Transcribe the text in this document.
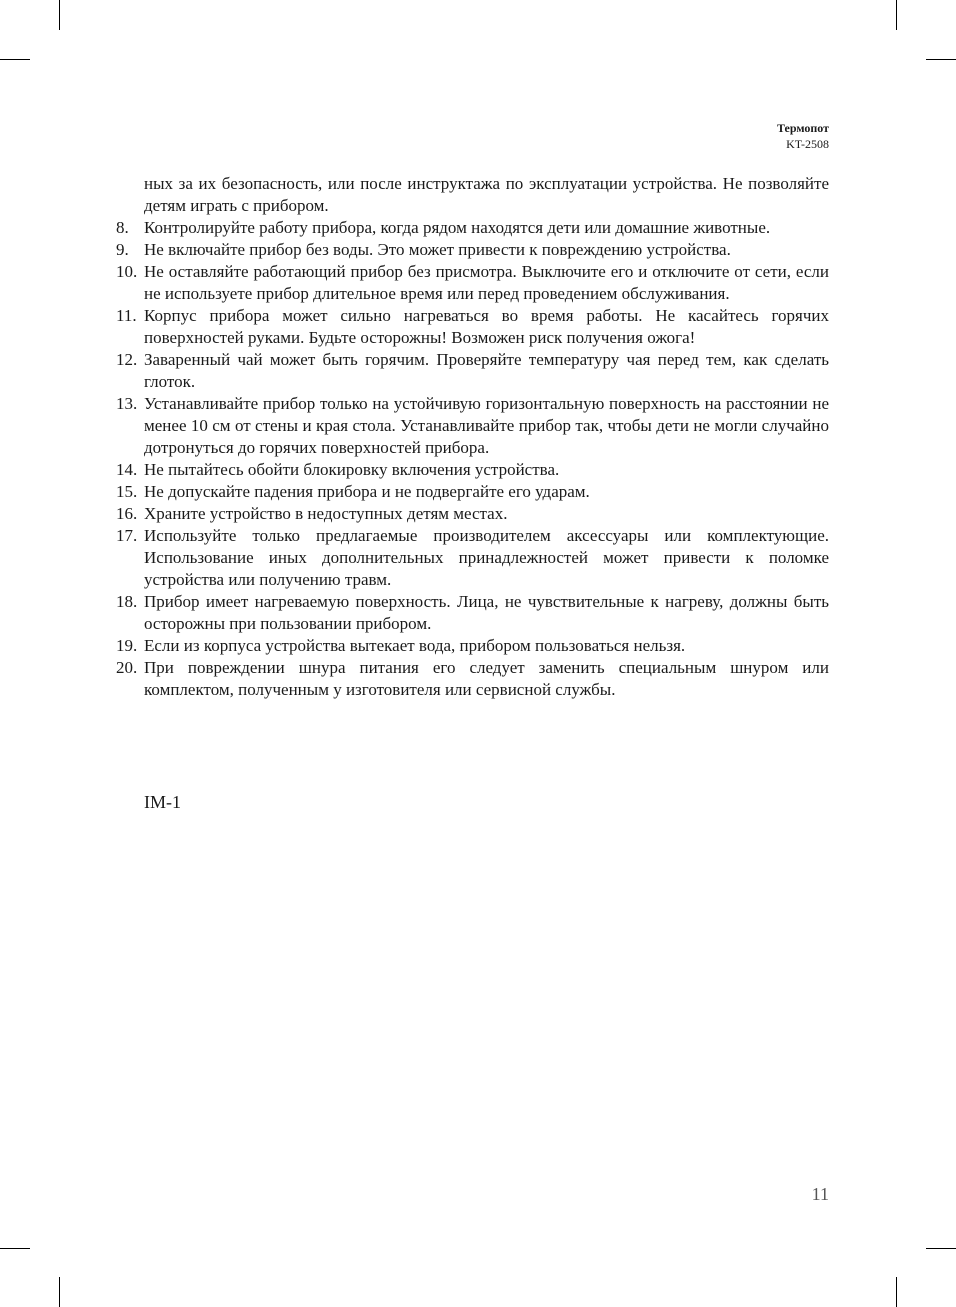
Термопот
KT-2508

ных за их безопасность, или после инструктажа по эксплуатации устройства. Не позволяйте детям играть с прибором.

8. Контролируйте работу прибора, когда рядом находятся дети или домашние животные.
9. Не включайте прибор без воды. Это может привести к повреждению устройства.
10. Не оставляйте работающий прибор без присмотра. Выключите его и отключите от сети, если не используете прибор длительное время или перед проведением обслуживания.
11. Корпус прибора может сильно нагреваться во время работы. Не касайтесь горячих поверхностей руками. Будьте осторожны! Возможен риск получения ожога!
12. Заваренный чай может быть горячим. Проверяйте температуру чая перед тем, как сделать глоток.
13. Устанавливайте прибор только на устойчивую горизонтальную поверхность на расстоянии не менее 10 см от стены и края стола. Устанавливайте прибор так, чтобы дети не могли случайно дотронуться до горячих поверхностей прибора.
14. Не пытайтесь обойти блокировку включения устройства.
15. Не допускайте падения прибора и не подвергайте его ударам.
16. Храните устройство в недоступных детям местах.
17. Используйте только предлагаемые производителем аксессуары или комплектующие. Использование иных дополнительных принадлежностей может привести к поломке устройства или получению травм.
18. Прибор имеет нагреваемую поверхность. Лица, не чувствительные к нагреву, должны быть осторожны при пользовании прибором.
19. Если из корпуса устройства вытекает вода, прибором пользоваться нельзя.
20. При повреждении шнура питания его следует заменить специальным шнуром или комплектом, полученным у изготовителя или сервисной службы.
IM-1
11
